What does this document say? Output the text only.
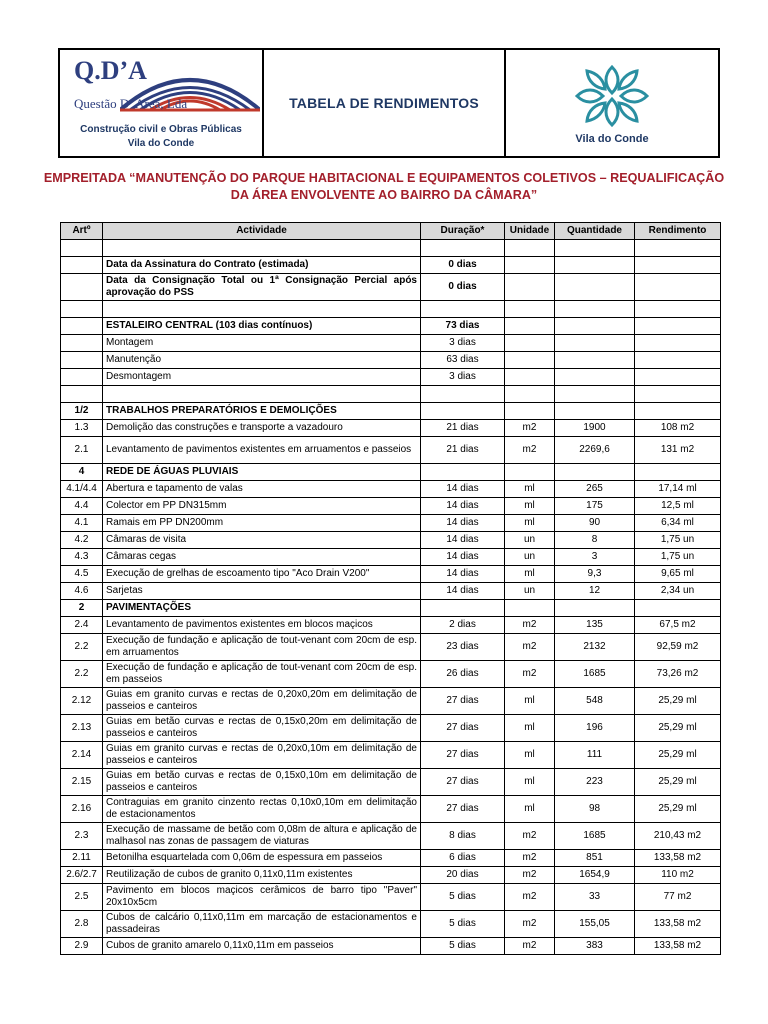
Q.D’A
Questão D’ Area, Lda
Construção civil e Obras Públicas
Vila do Conde
TABELA DE RENDIMENTOS
Vila do Conde
EMPREITADA “MANUTENÇÃO DO PARQUE HABITACIONAL E EQUIPAMENTOS COLETIVOS – REQUALIFICAÇÃO
DA ÁREA ENVOLVENTE AO BAIRRO DA CÂMARA”
Artº	Actividade	Duração*	Unidade	Quantidade	Rendimento

	Data da Assinatura do Contrato (estimada)	0 dias			
	Data da Consignação Total ou 1ª Consignação Percial após aprovação do PSS	0 dias			

	ESTALEIRO CENTRAL (103 dias contínuos)	73 dias			
	Montagem	3 dias			
	Manutenção	63 dias			
	Desmontagem	3 dias			

1/2	TRABALHOS PREPARATÓRIOS E DEMOLIÇÕES				
1.3	Demolição das construções e transporte a vazadouro	21 dias	m2	1900	108 m2
2.1	Levantamento de pavimentos existentes em arruamentos e passeios	21 dias	m2	2269,6	131 m2
4	REDE DE ÁGUAS PLUVIAIS				
4.1/4.4	Abertura e tapamento de valas	14 dias	ml	265	17,14 ml
4.4	Colector em PP DN315mm	14 dias	ml	175	12,5 ml
4.1	Ramais em PP DN200mm	14 dias	ml	90	6,34 ml
4.2	Câmaras de visita	14 dias	un	8	1,75 un
4.3	Câmaras cegas	14 dias	un	3	1,75 un
4.5	Execução de grelhas de escoamento tipo "Aco Drain V200"	14 dias	ml	9,3	9,65 ml
4.6	Sarjetas	14 dias	un	12	2,34 un
2	PAVIMENTAÇÕES				
2.4	Levantamento de pavimentos existentes em blocos maçicos	2 dias	m2	135	67,5 m2
2.2	Execução de fundação e aplicação de tout-venant com 20cm de esp. em arruamentos	23 dias	m2	2132	92,59 m2
2.2	Execução de fundação e aplicação de tout-venant com 20cm de esp. em passeios	26 dias	m2	1685	73,26 m2
2.12	Guias em granito curvas e rectas de 0,20x0,20m em delimitação de passeios e canteiros	27 dias	ml	548	25,29 ml
2.13	Guias em betão curvas e rectas de 0,15x0,20m em delimitação de passeios e canteiros	27 dias	ml	196	25,29 ml
2.14	Guias em granito curvas e rectas de 0,20x0,10m em delimitação de passeios e canteiros	27 dias	ml	111	25,29 ml
2.15	Guias em betão curvas e rectas de 0,15x0,10m em delimitação de passeios e canteiros	27 dias	ml	223	25,29 ml
2.16	Contraguias em granito cinzento rectas 0,10x0,10m em delimitação de estacionamentos	27 dias	ml	98	25,29 ml
2.3	Execução de massame de betão com 0,08m de altura e aplicação de malhasol nas zonas de passagem de viaturas	8 dias	m2	1685	210,43 m2
2.11	Betonilha esquartelada com 0,06m de espessura em passeios	6 dias	m2	851	133,58 m2
2.6/2.7	Reutilização de cubos de granito 0,11x0,11m existentes	20 dias	m2	1654,9	110 m2
2.5	Pavimento em blocos maçicos cerâmicos de barro tipo "Paver" 20x10x5cm	5 dias	m2	33	77 m2
2.8	Cubos de calcário 0,11x0,11m em marcação de estacionamentos e passadeiras	5 dias	m2	155,05	133,58 m2
2.9	Cubos de granito amarelo 0,11x0,11m em passeios	5 dias	m2	383	133,58 m2
